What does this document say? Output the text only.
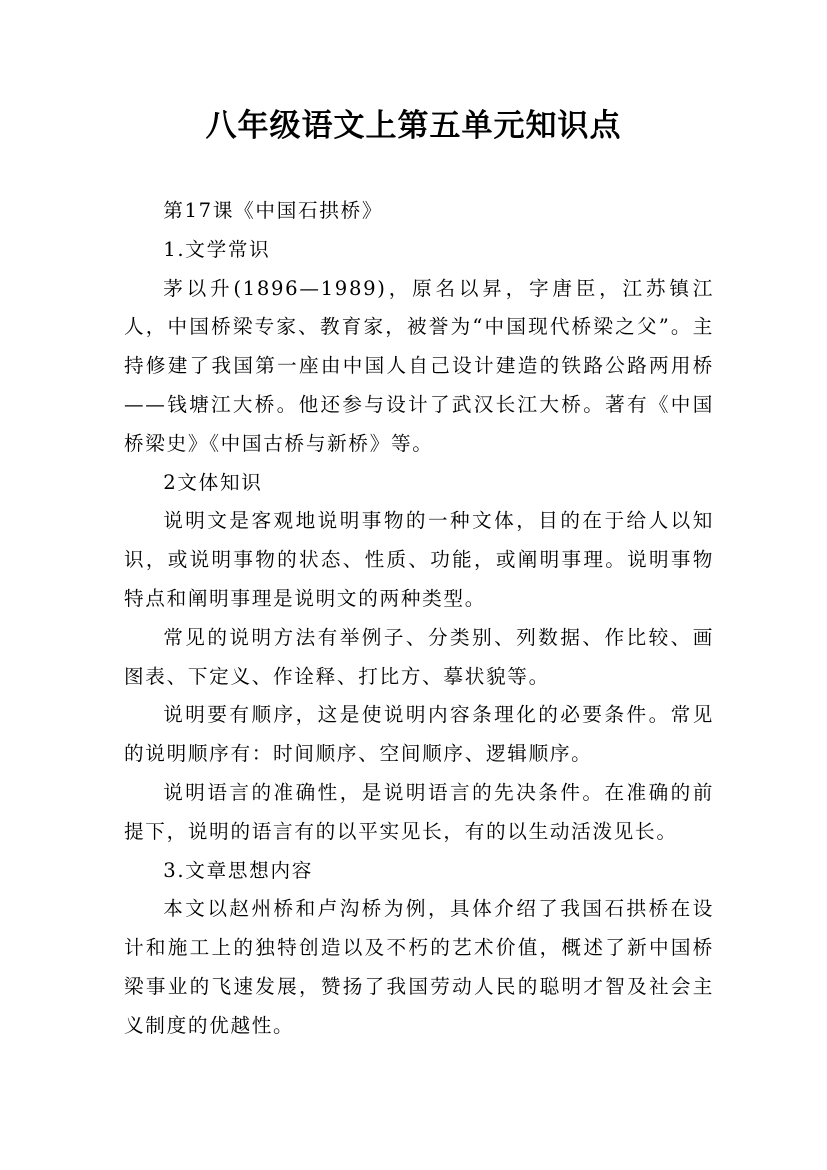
八年级语文上第五单元知识点

第17课《中国石拱桥》

1.文学常识

茅以升(1896—1989)，原名以昇，字唐臣，江苏镇江人，中国桥梁专家、教育家，被誉为“中国现代桥梁之父”。主持修建了我国第一座由中国人自己设计建造的铁路公路两用桥——钱塘江大桥。他还参与设计了武汉长江大桥。著有《中国桥梁史》《中国古桥与新桥》等。

2文体知识

说明文是客观地说明事物的一种文体，目的在于给人以知识，或说明事物的状态、性质、功能，或阐明事理。说明事物特点和阐明事理是说明文的两种类型。

常见的说明方法有举例子、分类别、列数据、作比较、画图表、下定义、作诠释、打比方、摹状貌等。

说明要有顺序，这是使说明内容条理化的必要条件。常见的说明顺序有：时间顺序、空间顺序、逻辑顺序。

说明语言的准确性，是说明语言的先决条件。在准确的前提下，说明的语言有的以平实见长，有的以生动活泼见长。

3.文章思想内容

本文以赵州桥和卢沟桥为例，具体介绍了我国石拱桥在设计和施工上的独特创造以及不朽的艺术价值，概述了新中国桥梁事业的飞速发展，赞扬了我国劳动人民的聪明才智及社会主义制度的优越性。
